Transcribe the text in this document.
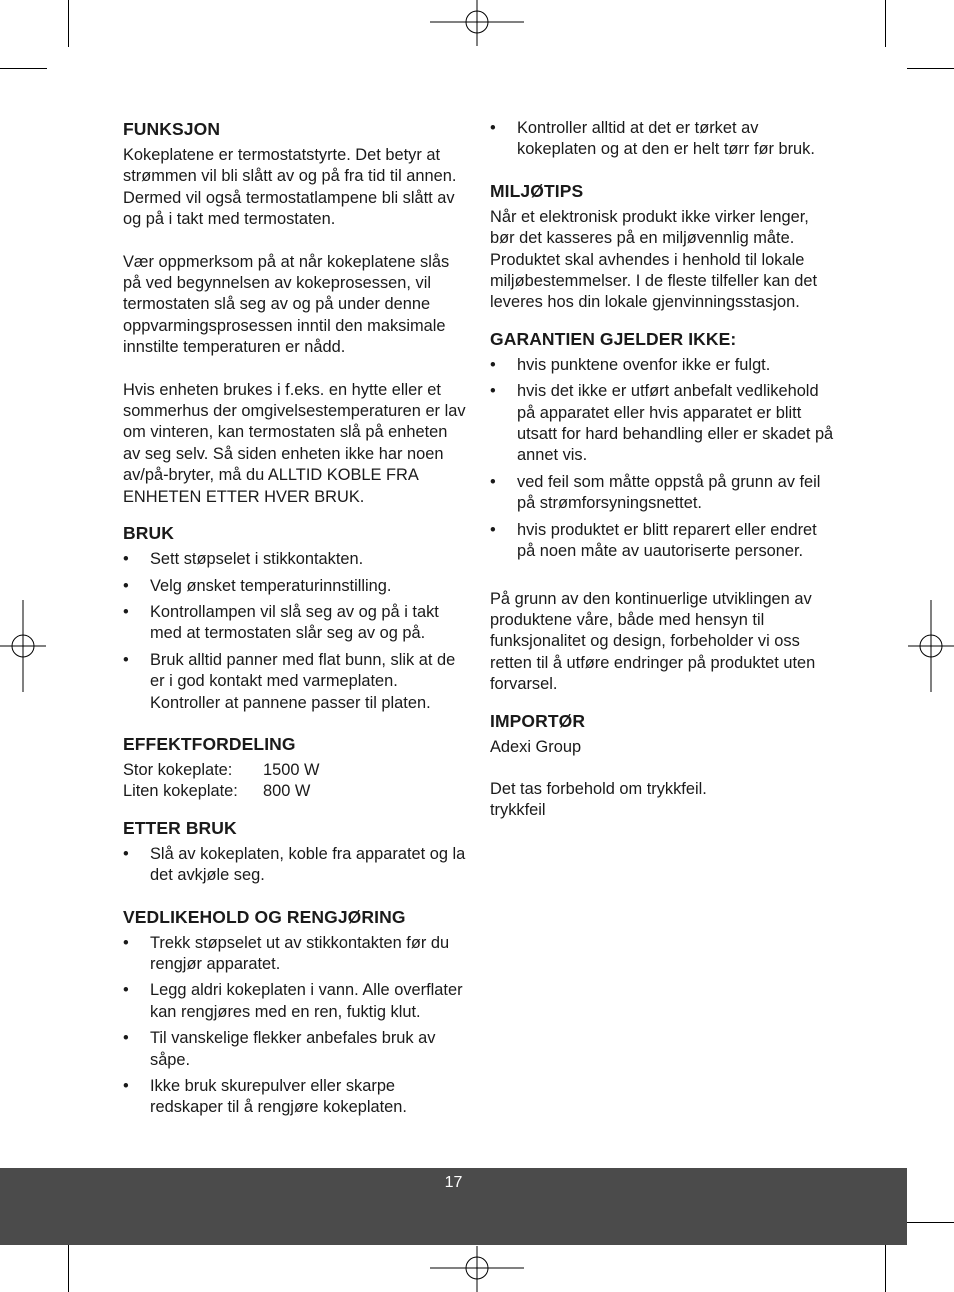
FUNKSJON

Kokeplatene er termostatstyrte. Det betyr at strømmen vil bli slått av og på fra tid til annen. Dermed vil også termostatlampene bli slått av og på i takt med termostaten.

Vær oppmerksom på at når kokeplatene slås på ved begynnelsen av kokeprosessen, vil termostaten slå seg av og på under denne oppvarmingsprosessen inntil den maksimale innstilte temperaturen er nådd.

Hvis enheten brukes i f.eks. en hytte eller et sommerhus der omgivelsestemperaturen er lav om vinteren, kan termostaten slå på enheten av seg selv. Så siden enheten ikke har noen av/på-bryter, må du ALLTID KOBLE FRA ENHETEN ETTER HVER BRUK.

BRUK
• Sett støpselet i stikkontakten.
• Velg ønsket temperaturinnstilling.
• Kontrollampen vil slå seg av og på i takt med at termostaten slår seg av og på.
• Bruk alltid panner med flat bunn, slik at de er i god kontakt med varmeplaten. Kontroller at pannene passer til platen.
EFFEKTFORDELING
Stor kokeplate:	1500 W
Liten kokeplate:	800 W
ETTER BRUK
• Slå av kokeplaten, koble fra apparatet og la det avkjøle seg.
VEDLIKEHOLD OG RENGJØRING
• Trekk støpselet ut av stikkontakten før du rengjør apparatet.
• Legg aldri kokeplaten i vann. Alle overflater kan rengjøres med en ren, fuktig klut.
• Til vanskelige flekker anbefales bruk av såpe.
• Ikke bruk skurepulver eller skarpe redskaper til å rengjøre kokeplaten.
• Kontroller alltid at det er tørket av kokeplaten og at den er helt tørr før bruk.
MILJØTIPS

Når et elektronisk produkt ikke virker lenger, bør det kasseres på en miljøvennlig måte. Produktet skal avhendes i henhold til lokale miljøbestemmelser. I de fleste tilfeller kan det leveres hos din lokale gjenvinningsstasjon.

GARANTIEN GJELDER IKKE:
• hvis punktene ovenfor ikke er fulgt.
• hvis det ikke er utført anbefalt vedlikehold på apparatet eller hvis apparatet er blitt utsatt for hard behandling eller er skadet på annet vis.
• ved feil som måtte oppstå på grunn av feil på strømforsyningsnettet.
• hvis produktet er blitt reparert eller endret på noen måte av uautoriserte personer.

På grunn av den kontinuerlige utviklingen av produktene våre, både med hensyn til funksjonalitet og design, forbeholder vi oss retten til å utføre endringer på produktet uten forvarsel.

IMPORTØR

Adexi Group

Det tas forbehold om trykkfeil.

trykkfeil

17
